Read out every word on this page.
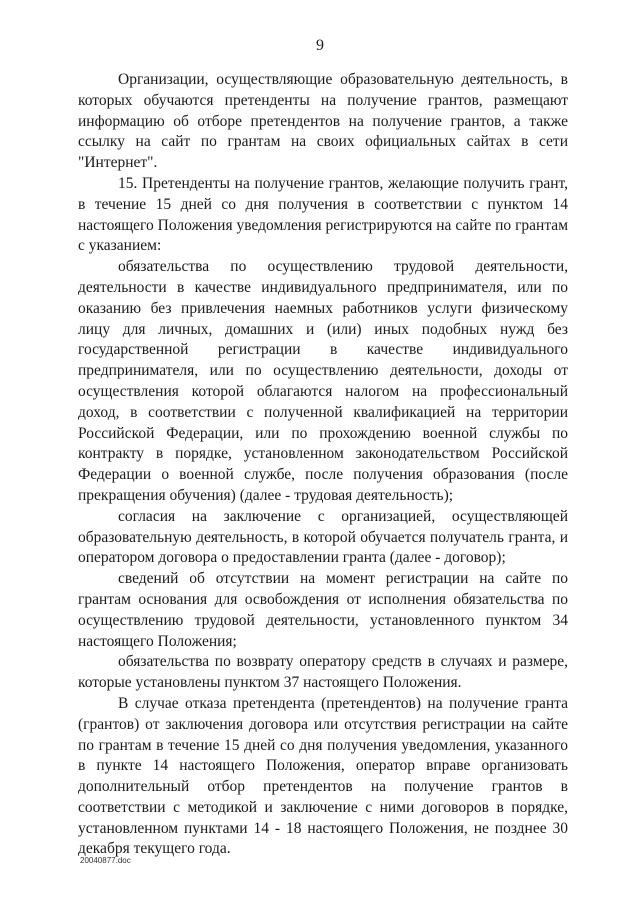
9

Организации, осуществляющие образовательную деятельность, в которых обучаются претенденты на получение грантов, размещают информацию об отборе претендентов на получение грантов, а также ссылку на сайт по грантам на своих официальных сайтах в сети "Интернет".

15. Претенденты на получение грантов, желающие получить грант, в течение 15 дней со дня получения в соответствии с пунктом 14 настоящего Положения уведомления регистрируются на сайте по грантам с указанием:

обязательства по осуществлению трудовой деятельности, деятельности в качестве индивидуального предпринимателя, или по оказанию без привлечения наемных работников услуги физическому лицу для личных, домашних и (или) иных подобных нужд без государственной регистрации в качестве индивидуального предпринимателя, или по осуществлению деятельности, доходы от осуществления которой облагаются налогом на профессиональный доход, в соответствии с полученной квалификацией на территории Российской Федерации, или по прохождению военной службы по контракту в порядке, установленном законодательством Российской Федерации о военной службе, после получения образования (после прекращения обучения) (далее - трудовая деятельность);

согласия на заключение с организацией, осуществляющей образовательную деятельность, в которой обучается получатель гранта, и оператором договора о предоставлении гранта (далее - договор);

сведений об отсутствии на момент регистрации на сайте по грантам основания для освобождения от исполнения обязательства по осуществлению трудовой деятельности, установленного пунктом 34 настоящего Положения;

обязательства по возврату оператору средств в случаях и размере, которые установлены пунктом 37 настоящего Положения.

В случае отказа претендента (претендентов) на получение гранта (грантов) от заключения договора или отсутствия регистрации на сайте по грантам в течение 15 дней со дня получения уведомления, указанного в пункте 14 настоящего Положения, оператор вправе организовать дополнительный отбор претендентов на получение грантов в соответствии с методикой и заключение с ними договоров в порядке, установленном пунктами 14 - 18 настоящего Положения, не позднее 30 декабря текущего года.

20040877.doc
